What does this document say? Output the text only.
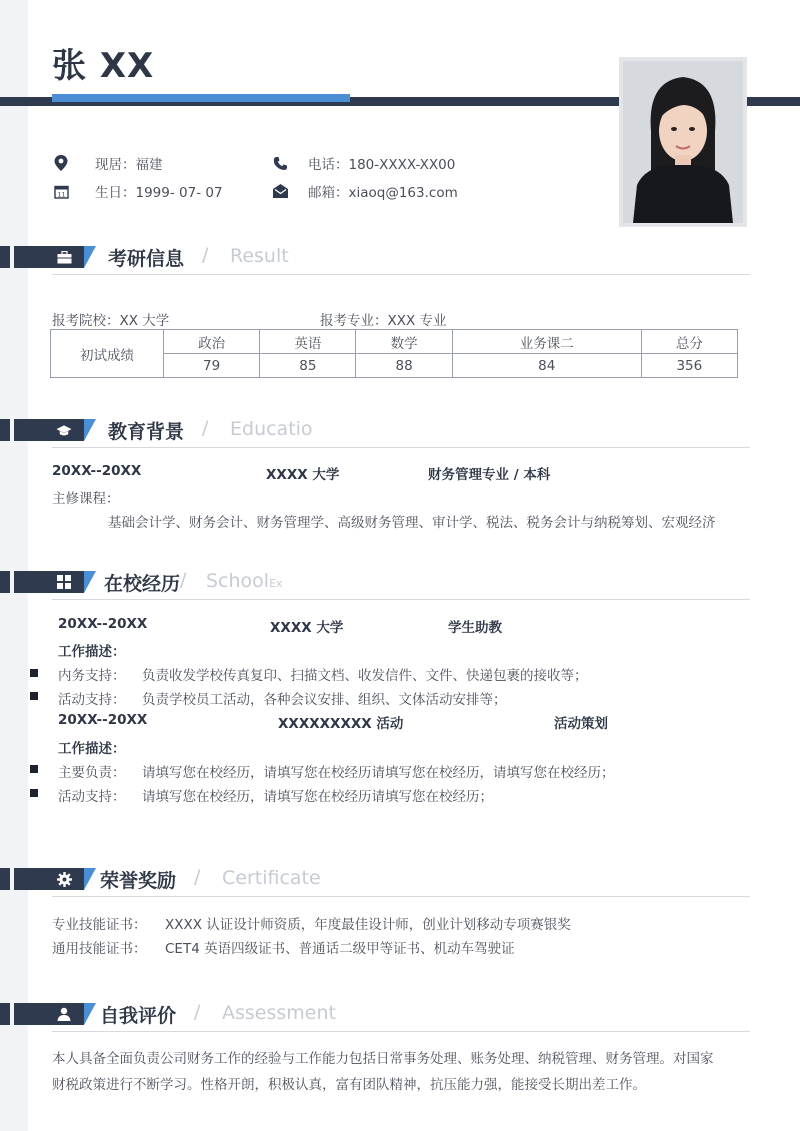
张 XX
现居：福建
11 生日：1999- 07- 07
电话：180-XXXX-XX00
邮箱：xiaoq@163.com
考研信息 / Result
报考院校：XX 大学	报考专业：XXX 专业
初试成绩	政治	英语	数学	业务课二	总分
	79	85	88	84	356
教育背景 / Educatio
20XX--20XX	XXXX 大学	财务管理专业 / 本科
主修课程：
基础会计学、财务会计、财务管理学、高级财务管理、审计学、税法、税务会计与纳税筹划、宏观经济
在校经历 / SchoolEx
20XX--20XX	XXXX 大学	学生助教
工作描述：
内务支持： 负责收发学校传真复印、扫描文档、收发信件、文件、快递包裹的接收等；
活动支持： 负责学校员工活动，各种会议安排、组织、文体活动安排等；
20XX--20XX	XXXXXXXXX 活动	活动策划
工作描述：
主要负责： 请填写您在校经历，请填写您在校经历请填写您在校经历，请填写您在校经历；
活动支持： 请填写您在校经历，请填写您在校经历请填写您在校经历；
荣誉奖励 / Certificate
专业技能证书： XXXX 认证设计师资质，年度最佳设计师，创业计划移动专项赛银奖
通用技能证书： CET4 英语四级证书、普通话二级甲等证书、机动车驾驶证
自我评价 / Assessment
本人具备全面负责公司财务工作的经验与工作能力包括日常事务处理、账务处理、纳税管理、财务管理。对国家
财税政策进行不断学习。性格开朗，积极认真，富有团队精神，抗压能力强，能接受长期出差工作。
